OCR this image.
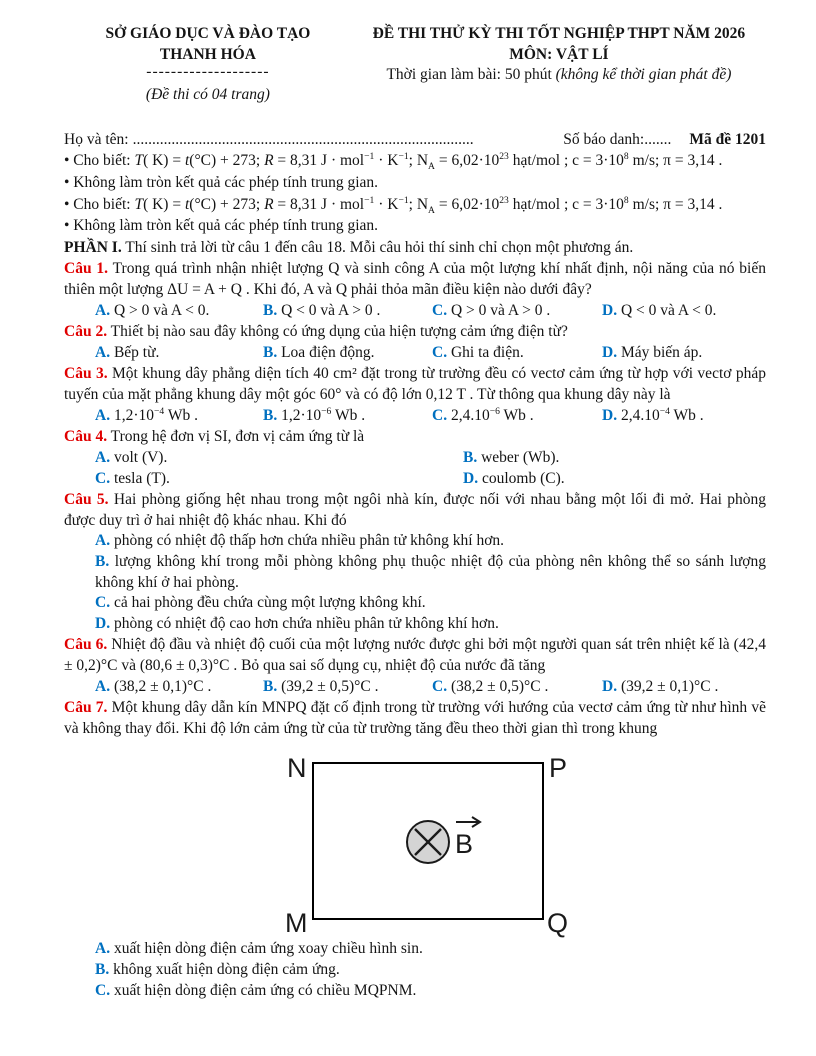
SỞ GIÁO DỤC VÀ ĐÀO TẠO
THANH HÓA
--------------------
(Đề thi có 04 trang)
ĐỀ THI THỬ KỲ THI TỐT NGHIỆP THPT NĂM 2026
MÔN: VẬT LÍ
Thời gian làm bài: 50 phút (không kể thời gian phát đề)
Họ và tên: ........................................................................................	Số báo danh: ....... Mã đề 1201
• Cho biết: T( K) = t(°C) + 273; R = 8,31 $J \cdot mol^{-1} \cdot K^{-1}$; $N_A = 6,02\cdot 10^{23}$ hạt/mol ; $c = 3\cdot 10^8$ m/s; π = 3,14 .
• Không làm tròn kết quả các phép tính trung gian.
• Cho biết: T( K) = t(°C) + 273; R = 8,31 $J \cdot mol^{-1} \cdot K^{-1}$; $N_A = 6,02\cdot 10^{23}$ hạt/mol ; $c = 3\cdot 10^8$ m/s; π = 3,14 .
• Không làm tròn kết quả các phép tính trung gian.
PHẦN I. Thí sinh trả lời từ câu 1 đến câu 18. Mỗi câu hỏi thí sinh chỉ chọn một phương án.
Câu 1. Trong quá trình nhận nhiệt lượng Q và sinh công A của một lượng khí nhất định, nội năng của nó biến thiên một lượng ΔU = A + Q . Khi đó, A và Q phải thỏa mãn điều kiện nào dưới đây?
A. Q > 0 và A < 0.	B. Q < 0 và A > 0 .	C. Q > 0 và A > 0 .	D. Q < 0 và A < 0.
Câu 2. Thiết bị nào sau đây không có ứng dụng của hiện tượng cảm ứng điện từ?
A. Bếp từ.	B. Loa điện động.	C. Ghi ta điện.	D. Máy biến áp.
Câu 3. Một khung dây phẳng diện tích 40 cm² đặt trong từ trường đều có vectơ cảm ứng từ hợp với vectơ pháp tuyến của mặt phẳng khung dây một góc 60° và có độ lớn 0,12 T . Từ thông qua khung dây này là
A. $1,2\cdot 10^{-4}$ Wb .	B. $1,2\cdot 10^{-6}$ Wb .	C. $2,4.10^{-6}$ Wb .	D. $2,4.10^{-4}$ Wb .
Câu 4. Trong hệ đơn vị SI, đơn vị cảm ứng từ là
A. volt (V).	B. weber (Wb).
C. tesla (T).	D. coulomb (C).
Câu 5. Hai phòng giống hệt nhau trong một ngôi nhà kín, được nối với nhau bằng một lối đi mở. Hai phòng được duy trì ở hai nhiệt độ khác nhau. Khi đó
A. phòng có nhiệt độ thấp hơn chứa nhiều phân tử không khí hơn.
B. lượng không khí trong mỗi phòng không phụ thuộc nhiệt độ của phòng nên không thể so sánh lượng không khí ở hai phòng.
C. cả hai phòng đều chứa cùng một lượng không khí.
D. phòng có nhiệt độ cao hơn chứa nhiều phân tử không khí hơn.
Câu 6. Nhiệt độ đầu và nhiệt độ cuối của một lượng nước được ghi bởi một người quan sát trên nhiệt kế là (42,4 ± 0,2)°C và (80,6 ± 0,3)°C . Bỏ qua sai số dụng cụ, nhiệt độ của nước đã tăng
A. (38,2 ± 0,1)°C .	B. (39,2 ± 0,5)°C .	C. (38,2 ± 0,5)°C .	D. (39,2 ± 0,1)°C .
Câu 7. Một khung dây dẫn kín MNPQ đặt cố định trong từ trường với hướng của vectơ cảm ứng từ như hình vẽ và không thay đổi. Khi độ lớn cảm ứng từ của từ trường tăng đều theo thời gian thì trong khung
N	P
M	Q
B
A. xuất hiện dòng điện cảm ứng xoay chiều hình sin.
B. không xuất hiện dòng điện cảm ứng.
C. xuất hiện dòng điện cảm ứng có chiều MQPNM.
